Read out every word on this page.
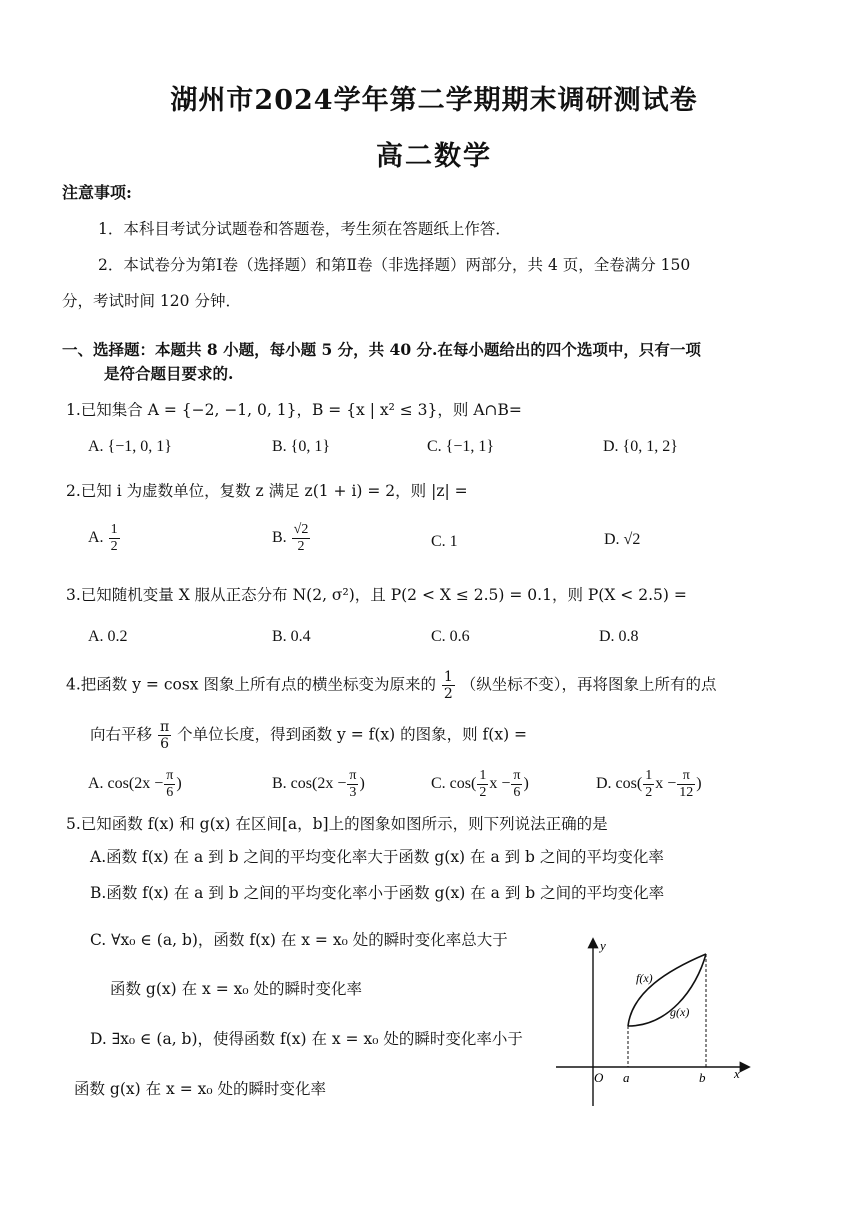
湖州市2024学年第二学期期末调研测试卷
高二数学
注意事项:
1．本科目考试分试题卷和答题卷，考生须在答题纸上作答．
2．本试卷分为第Ⅰ卷（选择题）和第Ⅱ卷（非选择题）两部分，共 4 页，全卷满分 150
分，考试时间 120 分钟．
一、选择题：本题共 8 小题，每小题 5 分，共 40 分.在每小题给出的四个选项中，只有一项
是符合题目要求的.
1.已知集合 A = {−2, −1, 0, 1}，B = {x | x² ≤ 3}，则 A∩B=
A. {−1, 0, 1}	B. {0, 1}	C. {−1, 1}	D. {0, 1, 2}
2.已知 i 为虚数单位，复数 z 满足 z(1 + i) = 2，则 |z| =
A. $\frac{1}{2}$	B. $\frac{√2}{2}$	C. 1	D. √2
3.已知随机变量 X 服从正态分布 N(2, σ²)，且 P(2 < X ≤ 2.5) = 0.1，则 P(X < 2.5) =
A. 0.2	B. 0.4	C. 0.6	D. 0.8
4.把函数 y = cosx 图象上所有点的横坐标变为原来的 $\frac{1}{2}$ （纵坐标不变），再将图象上所有的点
向右平移 $\frac{\pi}{6}$ 个单位长度，得到函数 y = f(x) 的图象，则 f(x) =
A. $\cos(2x - \frac{\pi}{6}$ )	B. $\cos(2x - \frac{\pi}{3}$ )	C. $\cos( \frac{1}{2}$ $x - \frac{\pi}{6}$ )	D. $\cos( \frac{1}{2}$ $x - \frac{\pi}{12}$ )
5.已知函数 f(x) 和 g(x) 在区间[a，b]上的图象如图所示，则下列说法正确的是
A.函数 f(x) 在 a 到 b 之间的平均变化率大于函数 g(x) 在 a 到 b 之间的平均变化率
B.函数 f(x) 在 a 到 b 之间的平均变化率小于函数 g(x) 在 a 到 b 之间的平均变化率
C. ∀x₀ ∈ (a, b)，函数 f(x) 在 x = x₀ 处的瞬时变化率总大于
函数 g(x) 在 x = x₀ 处的瞬时变化率
D. ∃x₀ ∈ (a, b)，使得函数 f(x) 在 x = x₀ 处的瞬时变化率小于
函数 g(x) 在 x = x₀ 处的瞬时变化率
y
x
O a	b
f(x)
g(x)
